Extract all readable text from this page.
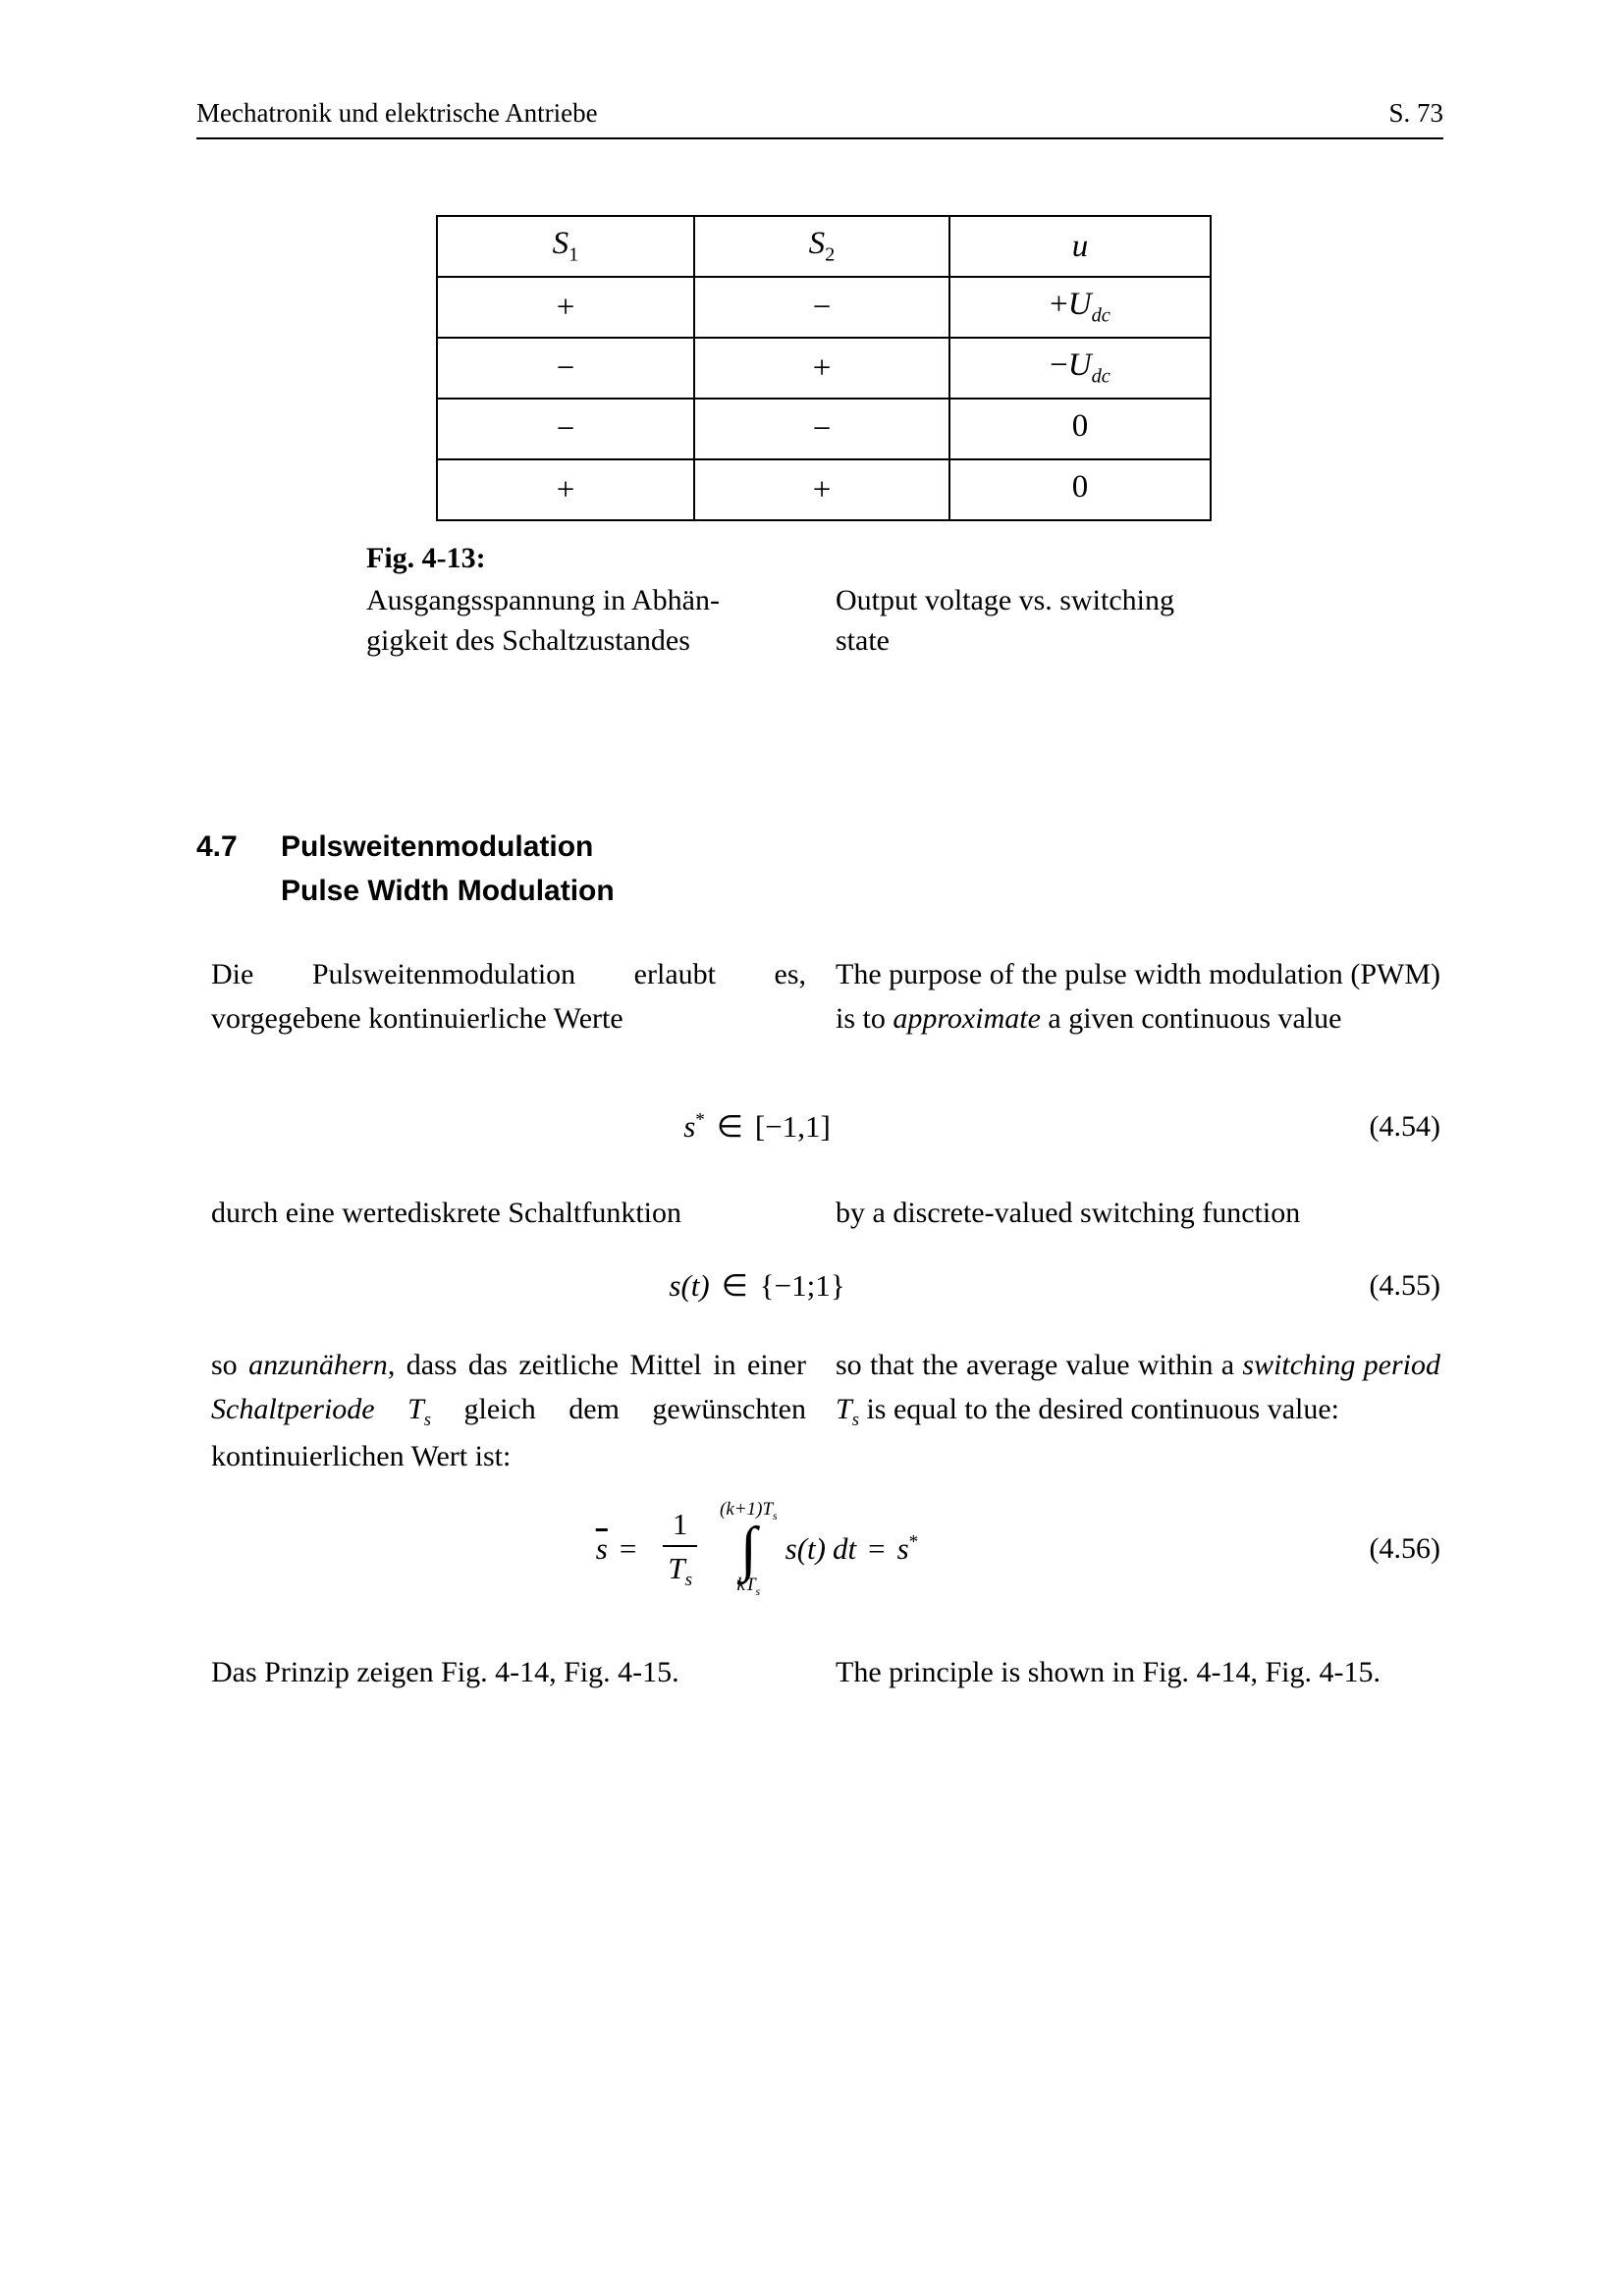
Mechatronik und elektrische Antriebe	S. 73
$S_1$	$S_2$	u
+	−	$+U_{dc}$
−	+	$-U_{dc}$
−	−	0
+	+	0
Fig. 4-13:
Ausgangsspannung in Abhän-
gigkeit des Schaltzustandes
Output voltage vs. switching
state
4.7	Pulsweitenmodulation
Pulse Width Modulation

Die Pulsweitenmodulation erlaubt es, vorgegebene kontinuierliche Werte

The purpose of the pulse width modulation (PWM) is to approximate a given continuous value

s* ∈ [−1,1]	(4.54)

durch eine wertediskrete Schaltfunktion	by a discrete-valued switching function

s(t) ∈ {−1;1}	(4.55)

so anzunähern, dass das zeitliche Mittel in einer Schaltperiode $T_s$ gleich dem gewünschten kontinuierlichen Wert ist:

so that the average value within a switching period $T_s$ is equal to the desired continuous value:

$\overline{s} = \frac{1}{T_s} (k+1)T_s$
∫
$kT_s$
s(t) dt = s*	(4.56)

Das Prinzip zeigen Fig. 4-14, Fig. 4-15.	The principle is shown in Fig. 4-14, Fig. 4-15.
